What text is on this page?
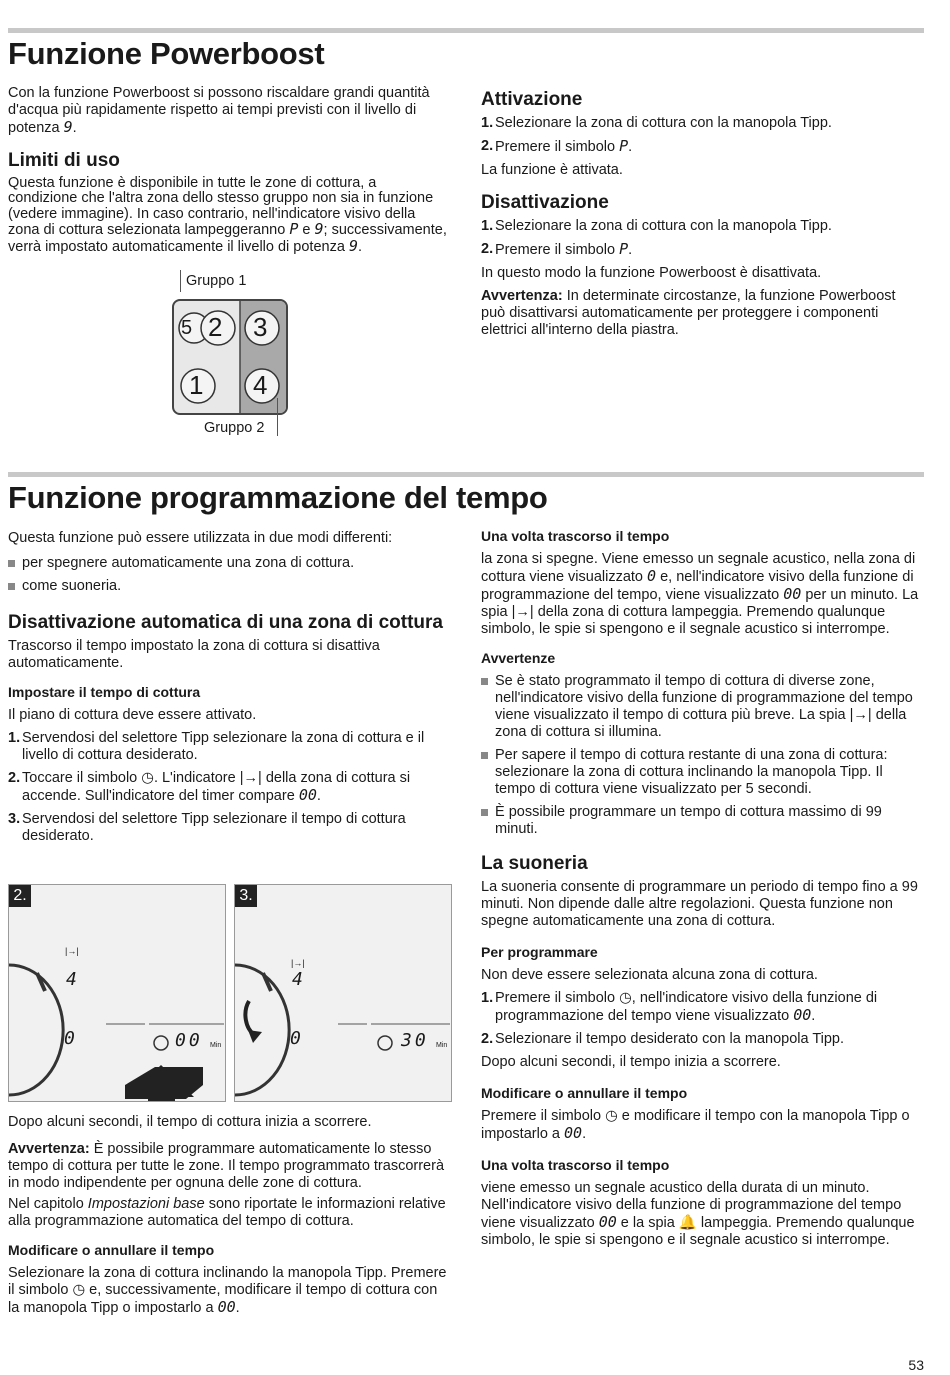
Funzione Powerboost

Con la funzione Powerboost si possono riscaldare grandi quantità d'acqua più rapidamente rispetto ai tempi previsti con il livello di potenza 9.

Limiti di uso

Questa funzione è disponibile in tutte le zone di cottura, a condizione che l'altra zona dello stesso gruppo non sia in funzione (vedere immagine). In caso contrario, nell'indicatore visivo della zona di cottura selezionata lampeggeranno P e 9; successivamente, verrà impostato automaticamente il livello di potenza 9.

Gruppo 1
5 2 3
1 4
Gruppo 2
Attivazione
1. Selezionare la zona di cottura con la manopola Tipp.
2. Premere il simbolo P.

La funzione è attivata.

Disattivazione
1. Selezionare la zona di cottura con la manopola Tipp.
2. Premere il simbolo P.

In questo modo la funzione Powerboost è disattivata.

Avvertenza: In determinate circostanze, la funzione Powerboost può disattivarsi automaticamente per proteggere i componenti elettrici all'interno della piastra.

Funzione programmazione del tempo

Questa funzione può essere utilizzata in due modi differenti:

per spegnere automaticamente una zona di cottura.
come suoneria.
Disattivazione automatica di una zona di cottura

Trascorso il tempo impostato la zona di cottura si disattiva automaticamente.

Impostare il tempo di cottura

Il piano di cottura deve essere attivato.

1. Servendosi del selettore Tipp selezionare la zona di cottura e il livello di cottura desiderato.
2. Toccare il simbolo ◷. L'indicatore |→| della zona di cottura si accende. Sull'indicatore del timer compare 00.
3. Servendosi del selettore Tipp selezionare il tempo di cottura desiderato.
2.
|→|
4
0	00 Min
3.
|→|
4
0	30 Min

Dopo alcuni secondi, il tempo di cottura inizia a scorrere.

Avvertenza: È possibile programmare automaticamente lo stesso tempo di cottura per tutte le zone. Il tempo programmato trascorrerà in modo indipendente per ognuna delle zone di cottura.

Nel capitolo Impostazioni base sono riportate le informazioni relative alla programmazione automatica del tempo di cottura.

Modificare o annullare il tempo

Selezionare la zona di cottura inclinando la manopola Tipp. Premere il simbolo ◷ e, successivamente, modificare il tempo di cottura con la manopola Tipp o impostarlo a 00.

Una volta trascorso il tempo

la zona si spegne. Viene emesso un segnale acustico, nella zona di cottura viene visualizzato 0 e, nell'indicatore visivo della funzione di programmazione del tempo, viene visualizzato 00 per un minuto. La spia |→| della zona di cottura lampeggia. Premendo qualunque simbolo, le spie si spengono e il segnale acustico si interrompe.

Avvertenze
Se è stato programmato il tempo di cottura di diverse zone, nell'indicatore visivo della funzione di programmazione del tempo viene visualizzato il tempo di cottura più breve. La spia |→| della zona di cottura si illumina.
Per sapere il tempo di cottura restante di una zona di cottura: selezionare la zona di cottura inclinando la manopola Tipp. Il tempo di cottura viene visualizzato per 5 secondi.
È possibile programmare un tempo di cottura massimo di 99 minuti.
La suoneria

La suoneria consente di programmare un periodo di tempo fino a 99 minuti. Non dipende dalle altre regolazioni. Questa funzione non spegne automaticamente una zona di cottura.

Per programmare

Non deve essere selezionata alcuna zona di cottura.

1. Premere il simbolo ◷, nell'indicatore visivo della funzione di programmazione del tempo viene visualizzato 00.
2. Selezionare il tempo desiderato con la manopola Tipp.

Dopo alcuni secondi, il tempo inizia a scorrere.

Modificare o annullare il tempo

Premere il simbolo ◷ e modificare il tempo con la manopola Tipp o impostarlo a 00.

Una volta trascorso il tempo

viene emesso un segnale acustico della durata di un minuto. Nell'indicatore visivo della funzione di programmazione del tempo viene visualizzato 00 e la spia 🔔 lampeggia. Premendo qualunque simbolo, le spie si spengono e il segnale acustico si interrompe.

53
